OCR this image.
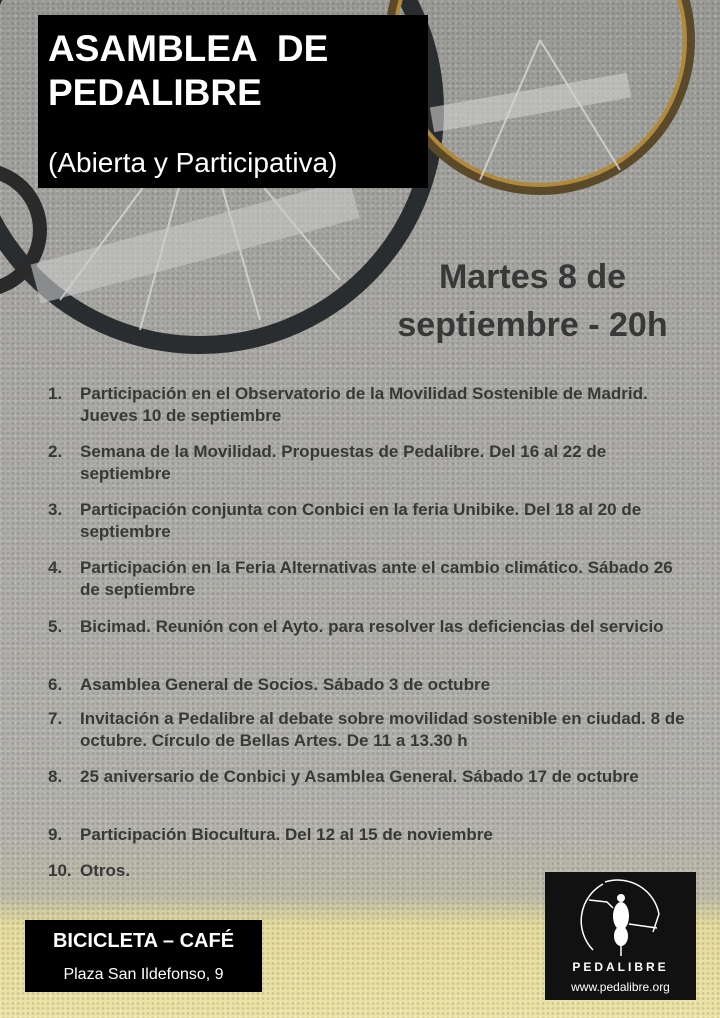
ASAMBLEA  DE
PEDALIBRE
(Abierta y Participativa)
Martes 8 de
septiembre - 20h
1. Participación en el Observatorio de la Movilidad Sostenible de Madrid. Jueves 10 de septiembre
2. Semana de la Movilidad. Propuestas de Pedalibre. Del 16 al 22 de septiembre
3. Participación conjunta con Conbici en la feria Unibike. Del 18 al 20 de septiembre
4. Participación en la Feria Alternativas ante el cambio climático. Sábado 26 de septiembre
5. Bicimad. Reunión con el Ayto. para resolver las deficiencias del servicio
6. Asamblea General de Socios. Sábado 3 de octubre
7. Invitación a Pedalibre al debate sobre movilidad sostenible en ciudad. 8 de octubre. Círculo de Bellas Artes. De 11 a 13.30 h
8. 25 aniversario de Conbici y Asamblea General. Sábado 17 de octubre
9. Participación Biocultura. Del 12 al 15 de noviembre
10. Otros.
BICICLETA – CAFÉ
Plaza San Ildefonso, 9	PEDALIBRE
www.pedalibre.org
